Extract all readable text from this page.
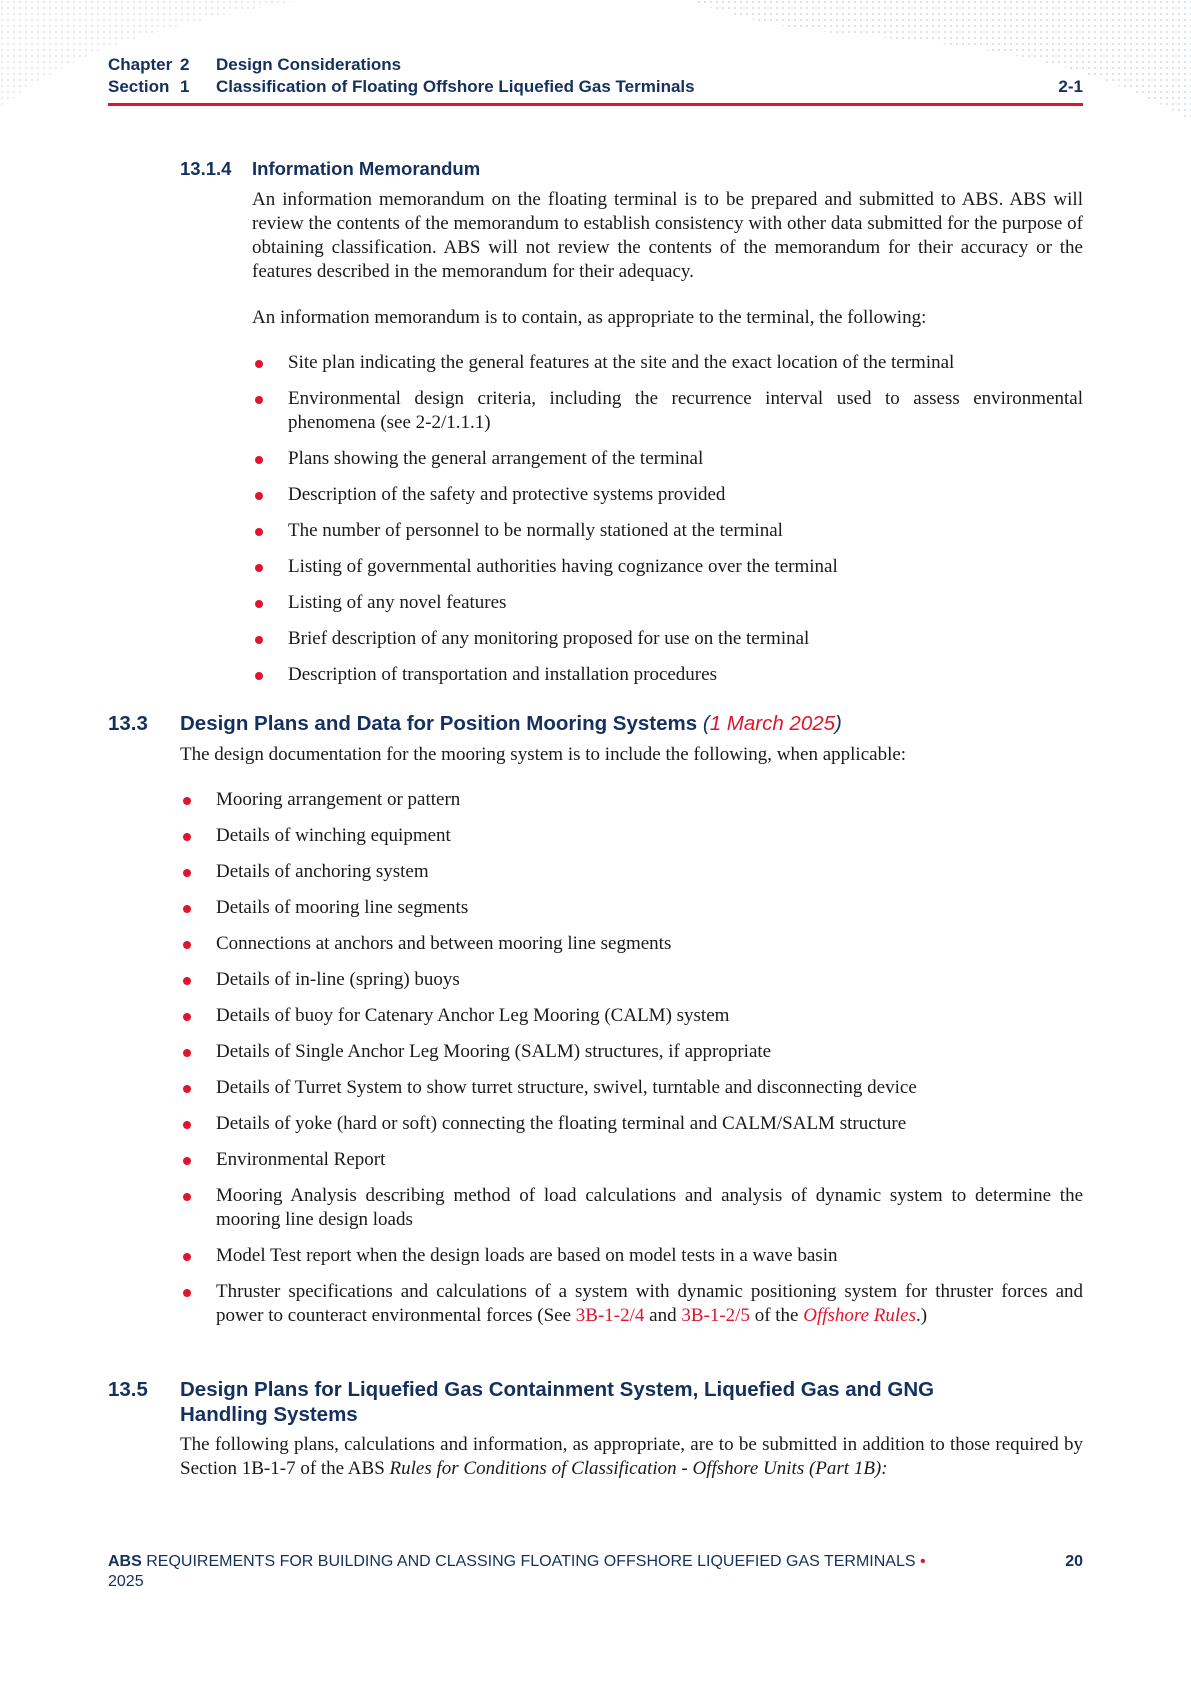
Chapter 2	Design Considerations
Section 1	Classification of Floating Offshore Liquefied Gas Terminals	2-1
13.1.4 Information Memorandum
An information memorandum on the floating terminal is to be prepared and submitted to ABS. ABS will review the contents of the memorandum to establish consistency with other data submitted for the purpose of obtaining classification. ABS will not review the contents of the memorandum for their accuracy or the features described in the memorandum for their adequacy.
An information memorandum is to contain, as appropriate to the terminal, the following:
Site plan indicating the general features at the site and the exact location of the terminal
Environmental design criteria, including the recurrence interval used to assess environmental phenomena (see 2-2/1.1.1)
Plans showing the general arrangement of the terminal
Description of the safety and protective systems provided
The number of personnel to be normally stationed at the terminal
Listing of governmental authorities having cognizance over the terminal
Listing of any novel features
Brief description of any monitoring proposed for use on the terminal
Description of transportation and installation procedures
13.3 Design Plans and Data for Position Mooring Systems (1 March 2025)
The design documentation for the mooring system is to include the following, when applicable:
Mooring arrangement or pattern
Details of winching equipment
Details of anchoring system
Details of mooring line segments
Connections at anchors and between mooring line segments
Details of in-line (spring) buoys
Details of buoy for Catenary Anchor Leg Mooring (CALM) system
Details of Single Anchor Leg Mooring (SALM) structures, if appropriate
Details of Turret System to show turret structure, swivel, turntable and disconnecting device
Details of yoke (hard or soft) connecting the floating terminal and CALM/SALM structure
Environmental Report
Mooring Analysis describing method of load calculations and analysis of dynamic system to determine the mooring line design loads
Model Test report when the design loads are based on model tests in a wave basin
Thruster specifications and calculations of a system with dynamic positioning system for thruster forces and power to counteract environmental forces (See 3B-1-2/4 and 3B-1-2/5 of the Offshore Rules.)
13.5 Design Plans for Liquefied Gas Containment System, Liquefied Gas and GNG Handling Systems
The following plans, calculations and information, as appropriate, are to be submitted in addition to those required by Section 1B-1-7 of the ABS Rules for Conditions of Classification - Offshore Units (Part 1B):
ABS REQUIREMENTS FOR BUILDING AND CLASSING FLOATING OFFSHORE LIQUEFIED GAS TERMINALS • 2025
20
